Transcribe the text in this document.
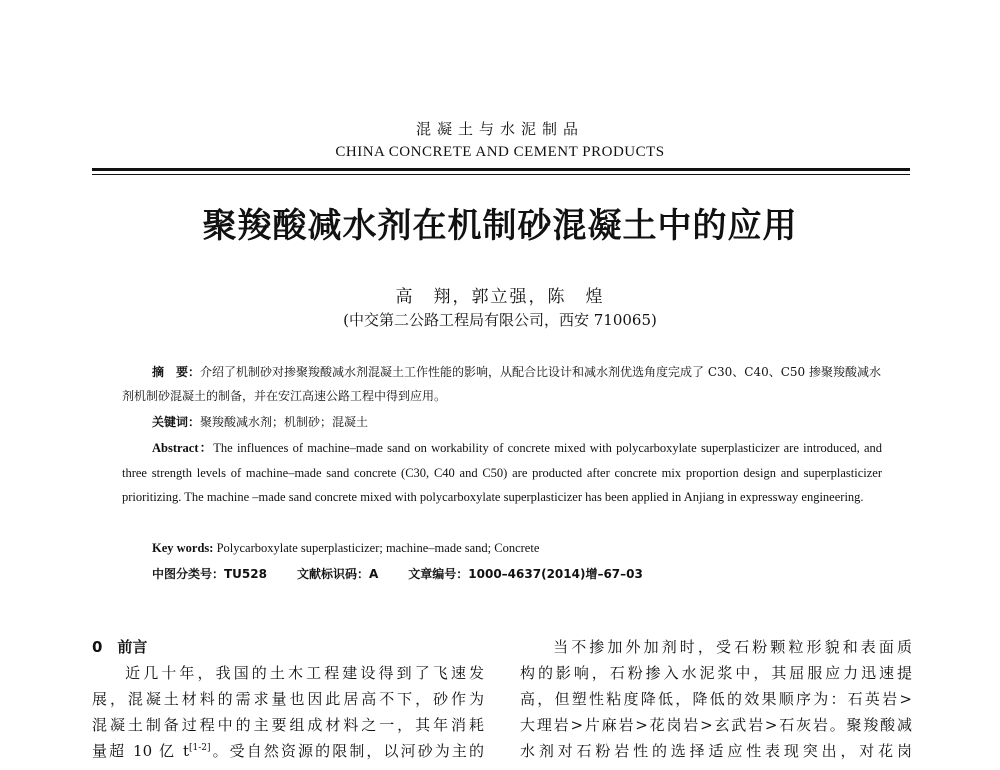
混凝土与水泥制品
CHINA CONCRETE AND CEMENT PRODUCTS
聚羧酸减水剂在机制砂混凝土中的应用
高　翔，郭立强，陈　煌
(中交第二公路工程局有限公司，西安 710065)
摘　要：介绍了机制砂对掺聚羧酸减水剂混凝土工作性能的影响，从配合比设计和减水剂优选角度完成了 C30、C40、C50 掺聚羧酸减水剂机制砂混凝土的制备，并在安江高速公路工程中得到应用。
关键词：聚羧酸减水剂；机制砂；混凝土
Abstract：The influences of machine–made sand on workability of concrete mixed with polycarboxylate superplasticizer are introduced, and three strength levels of machine–made sand concrete (C30, C40 and C50) are producted after concrete mix proportion design and superplasticizer prioritizing. The machine –made sand concrete mixed with polycarboxylate superplasticizer has been applied in Anjiang in expressway engineering.
Key words: Polycarboxylate superplasticizer; machine–made sand; Concrete
中图分类号：TU528	文献标识码：A	文章编号：1000–4637(2014)增–67–03
0　前言
近几十年，我国的土木工程建设得到了飞速发
展，混凝土材料的需求量也因此居高不下，砂作为
混凝土制备过程中的主要组成材料之一，其年消耗
量超 10 亿 t[1-2]。受自然资源的限制，以河砂为主的
当不掺加外加剂时，受石粉颗粒形貌和表面质
构的影响，石粉掺入水泥浆中，其屈服应力迅速提
高，但塑性粘度降低，降低的效果顺序为：石英岩>
大理岩>片麻岩>花岗岩>玄武岩>石灰岩。聚羧酸减
水剂对石粉岩性的选择适应性表现突出，对花岗
